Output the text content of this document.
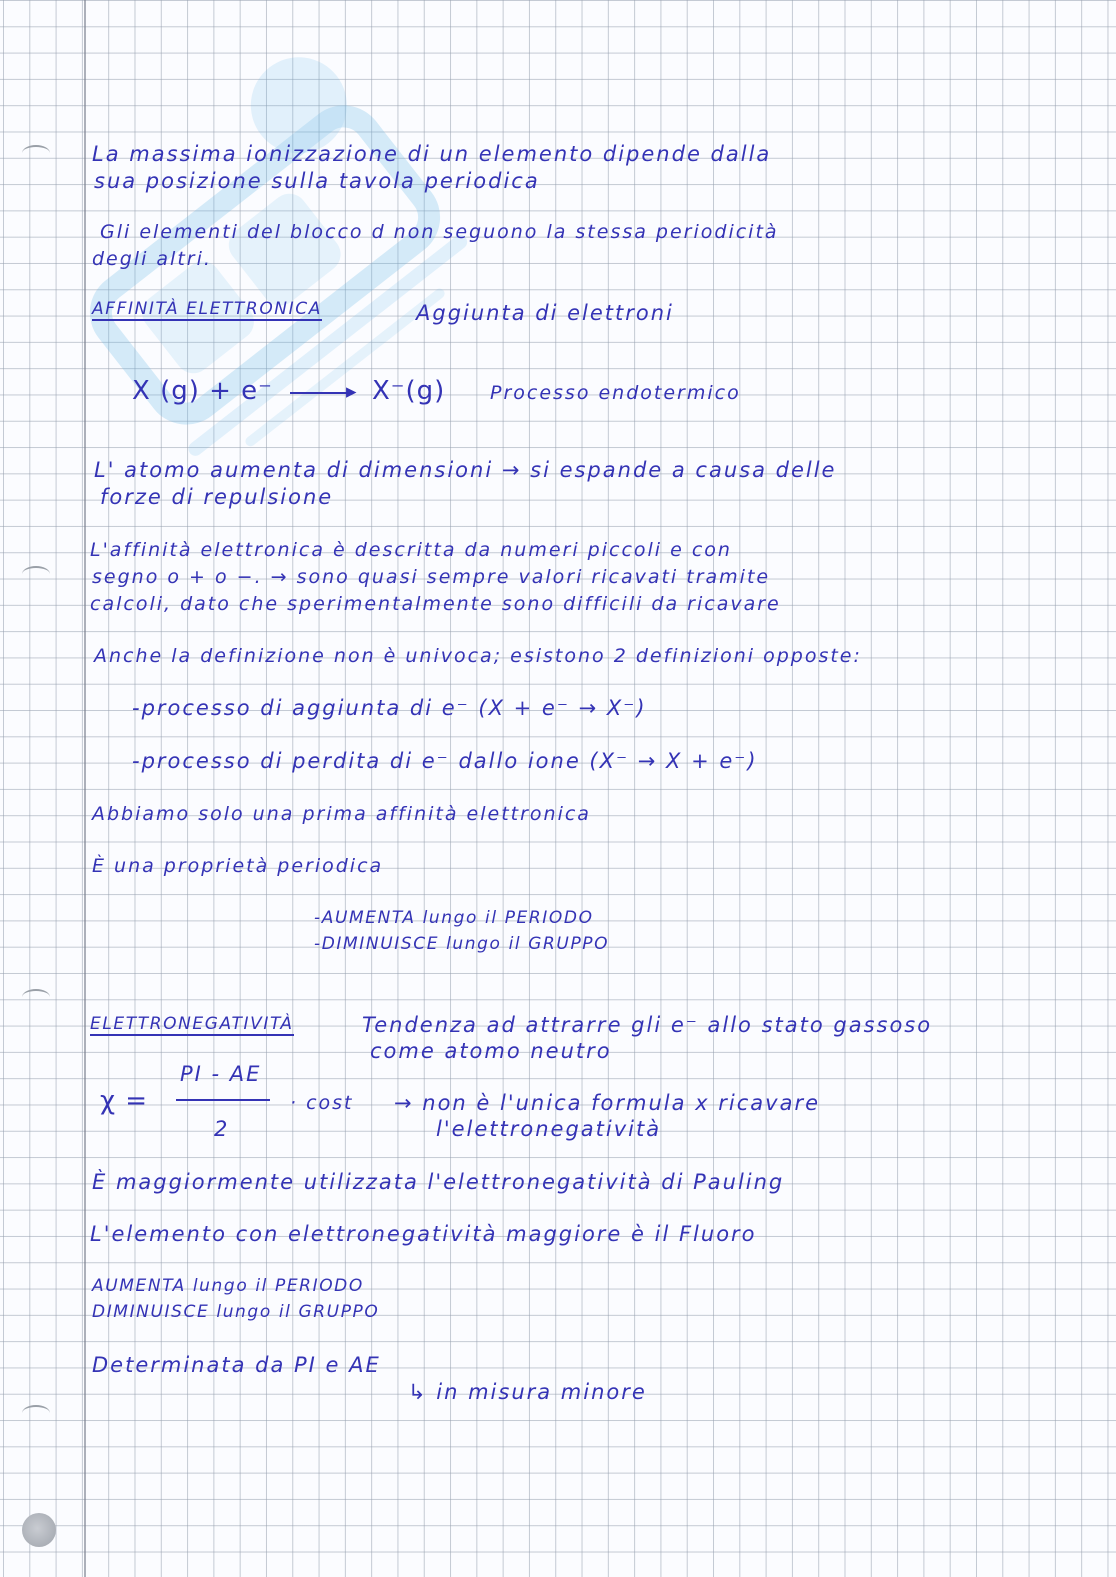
La massima ionizzazione di un elemento dipende dalla
sua posizione sulla tavola periodica
Gli elementi del blocco d non seguono la stessa periodicità
degli altri.
AFFINITÀ ELETTRONICA	Aggiunta di elettroni
X (g) + e⁻	▸ X⁻(g) Processo endotermico
L' atomo aumenta di dimensioni → si espande a causa delle
forze di repulsione
L'affinità elettronica è descritta da numeri piccoli e con
segno o + o −. → sono quasi sempre valori ricavati tramite
calcoli, dato che sperimentalmente sono difficili da ricavare
Anche la definizione non è univoca; esistono 2 definizioni opposte:
-processo di aggiunta di e⁻ (X + e⁻ → X⁻)
-processo di perdita di e⁻ dallo ione (X⁻ → X + e⁻)
Abbiamo solo una prima affinità elettronica
È una proprietà periodica
-AUMENTA lungo il PERIODO
-DIMINUISCE lungo il GRUPPO
ELETTRONEGATIVITÀ	Tendenza ad attrarre gli e⁻ allo stato gassoso
come atomo neutro
χ =
PI - AE
2
· cost → non è l'unica formula x ricavare
l'elettronegatività
È maggiormente utilizzata l'elettronegatività di Pauling
L'elemento con elettronegatività maggiore è il Fluoro
AUMENTA lungo il PERIODO
DIMINUISCE lungo il GRUPPO
Determinata da PI e AE
↳ in misura minore
